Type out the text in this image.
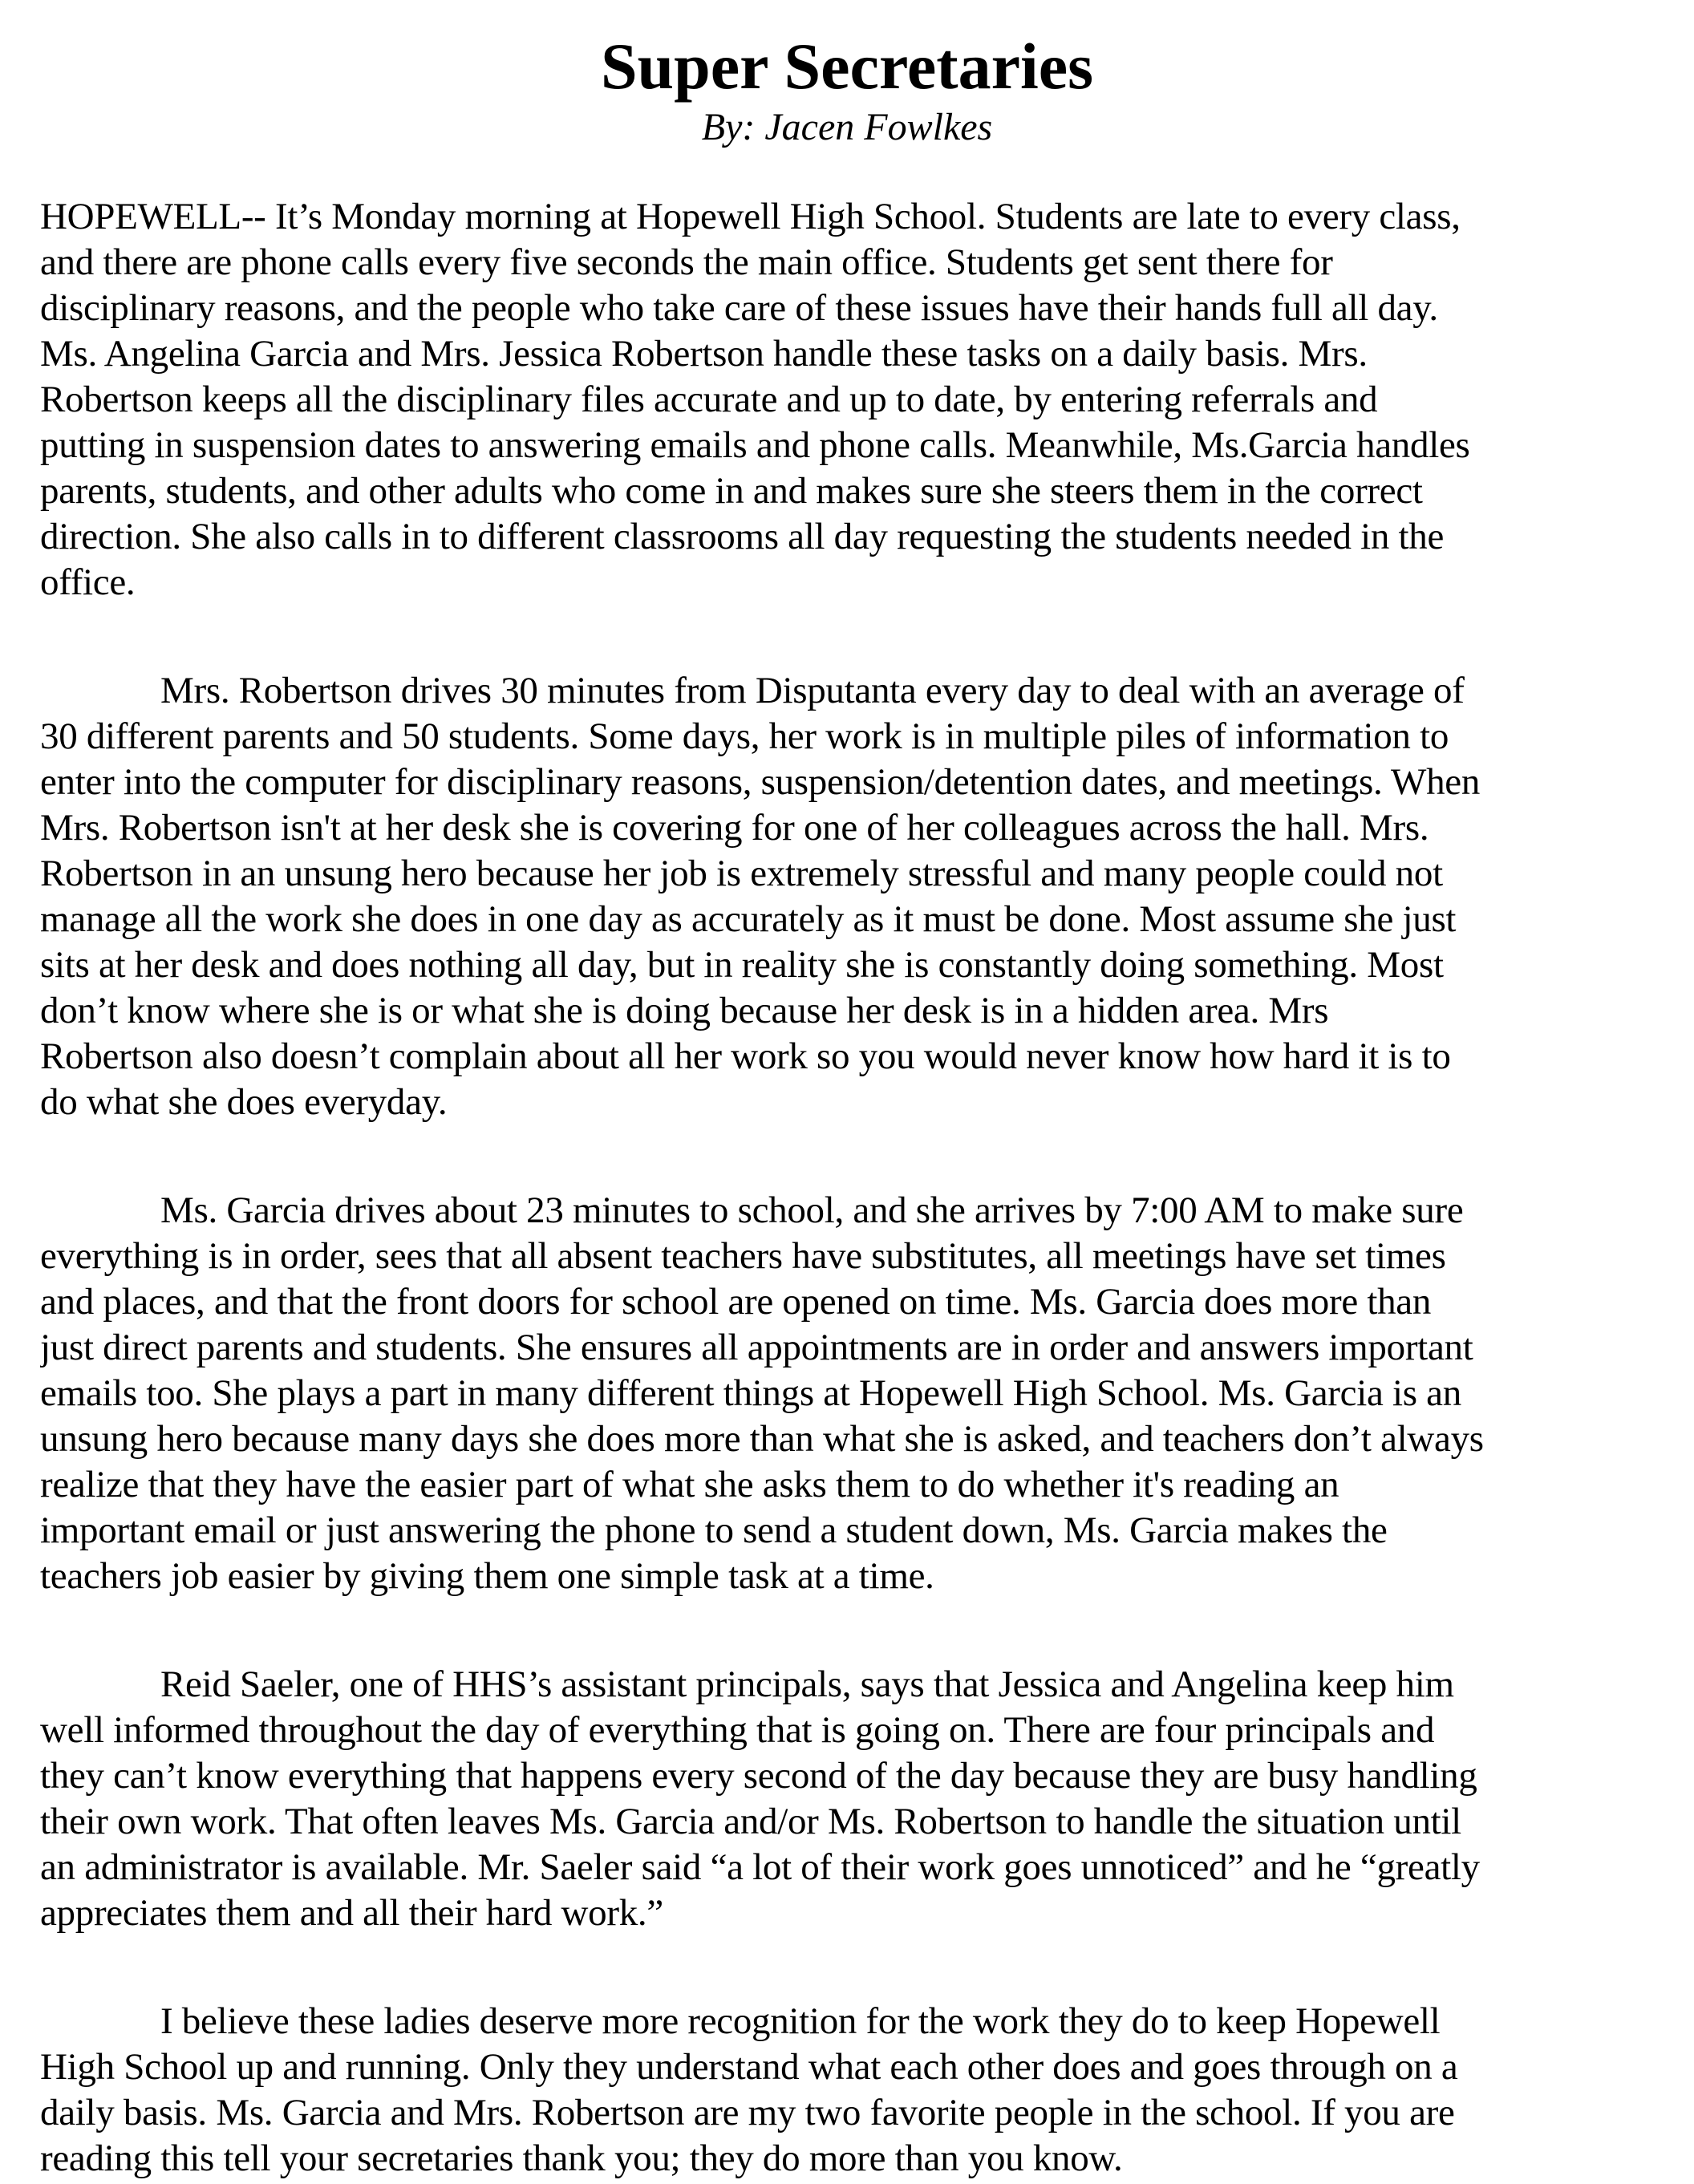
Super Secretaries
By: Jacen Fowlkes

HOPEWELL-- It’s Monday morning at Hopewell High School. Students are late to every class,
and there are phone calls every five seconds the main office. Students get sent there for
disciplinary reasons, and the people who take care of these issues have their hands full all day.
Ms. Angelina Garcia and Mrs. Jessica Robertson handle these tasks on a daily basis. Mrs.
Robertson keeps all the disciplinary files accurate and up to date, by entering referrals and
putting in suspension dates to answering emails and phone calls. Meanwhile, Ms.Garcia handles
parents, students, and other adults who come in and makes sure she steers them in the correct
direction. She also calls in to different classrooms all day requesting the students needed in the
office.

Mrs. Robertson drives 30 minutes from Disputanta every day to deal with an average of
30 different parents and 50 students. Some days, her work is in multiple piles of information to
enter into the computer for disciplinary reasons, suspension/detention dates, and meetings. When
Mrs. Robertson isn't at her desk she is covering for one of her colleagues across the hall. Mrs.
Robertson in an unsung hero because her job is extremely stressful and many people could not
manage all the work she does in one day as accurately as it must be done. Most assume she just
sits at her desk and does nothing all day, but in reality she is constantly doing something. Most
don’t know where she is or what she is doing because her desk is in a hidden area. Mrs
Robertson also doesn’t complain about all her work so you would never know how hard it is to
do what she does everyday.

Ms. Garcia drives about 23 minutes to school, and she arrives by 7:00 AM to make sure
everything is in order, sees that all absent teachers have substitutes, all meetings have set times
and places, and that the front doors for school are opened on time. Ms. Garcia does more than
just direct parents and students. She ensures all appointments are in order and answers important
emails too. She plays a part in many different things at Hopewell High School. Ms. Garcia is an
unsung hero because many days she does more than what she is asked, and teachers don’t always
realize that they have the easier part of what she asks them to do whether it's reading an
important email or just answering the phone to send a student down, Ms. Garcia makes the
teachers job easier by giving them one simple task at a time.

Reid Saeler, one of HHS’s assistant principals, says that Jessica and Angelina keep him
well informed throughout the day of everything that is going on. There are four principals and
they can’t know everything that happens every second of the day because they are busy handling
their own work. That often leaves Ms. Garcia and/or Ms. Robertson to handle the situation until
an administrator is available. Mr. Saeler said “a lot of their work goes unnoticed” and he “greatly
appreciates them and all their hard work.”

I believe these ladies deserve more recognition for the work they do to keep Hopewell
High School up and running. Only they understand what each other does and goes through on a
daily basis. Ms. Garcia and Mrs. Robertson are my two favorite people in the school. If you are
reading this tell your secretaries thank you; they do more than you know.
